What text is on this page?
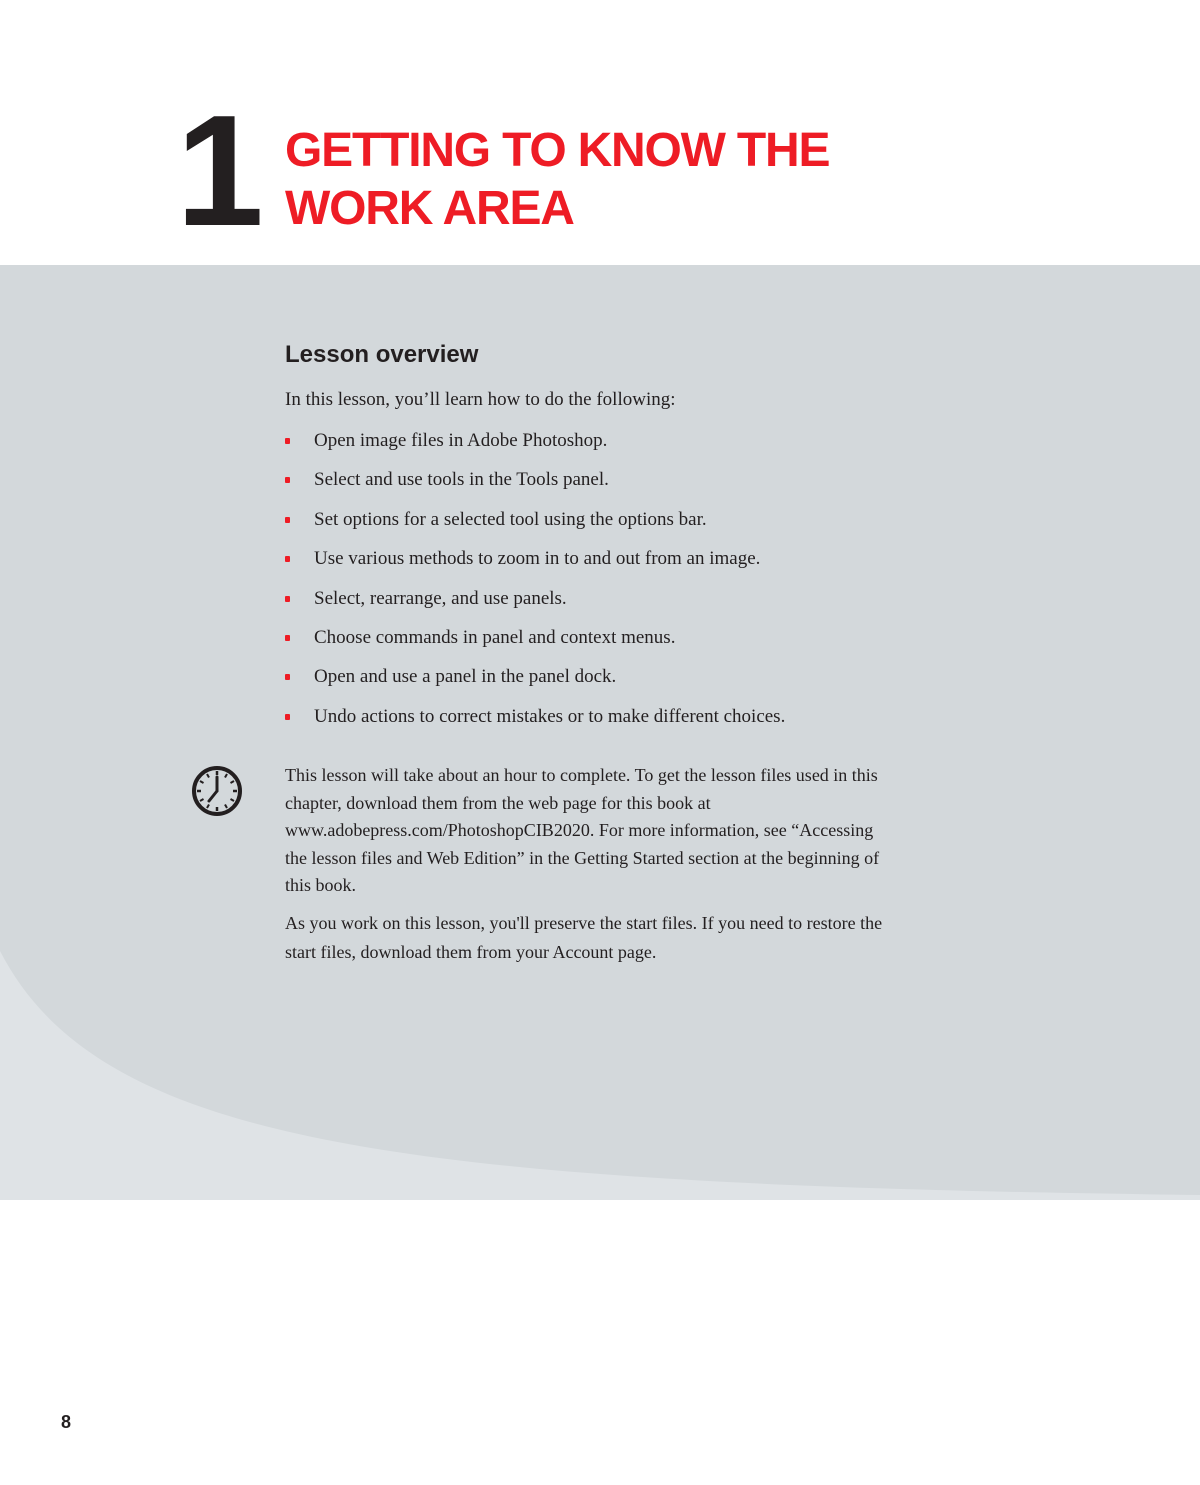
1 GETTING TO KNOW THE
WORK AREA
Lesson overview

In this lesson, you’ll learn how to do the following:

Open image files in Adobe Photoshop.
Select and use tools in the Tools panel.
Set options for a selected tool using the options bar.
Use various methods to zoom in to and out from an image.
Select, rearrange, and use panels.
Choose commands in panel and context menus.
Open and use a panel in the panel dock.
Undo actions to correct mistakes or to make different choices.

This lesson will take about an hour to complete. To get the lesson files used in this chapter, download them from the web page for this book at www.adobepress.com/PhotoshopCIB2020. For more information, see “Accessing the lesson files and Web Edition” in the Getting Started section at the beginning of this book.

As you work on this lesson, you'll preserve the start files. If you need to restore the start files, download them from your Account page.

8
